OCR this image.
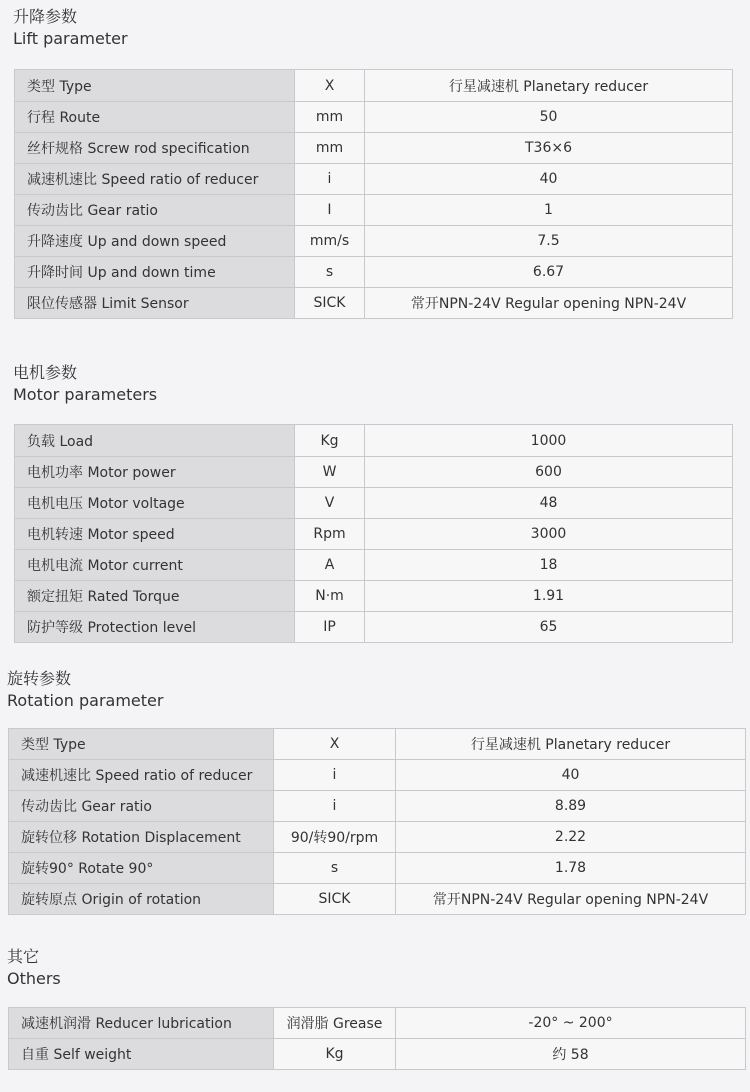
升降参数
Lift parameter
类型 Type	X	行星减速机 Planetary reducer
行程 Route	mm	50
丝杆规格 Screw rod specification	mm	T36×6
减速机速比 Speed ratio of reducer	i	40
传动齿比 Gear ratio	I	1
升降速度 Up and down speed	mm/s	7.5
升降时间 Up and down time	s	6.67
限位传感器 Limit Sensor	SICK	常开NPN-24V Regular opening NPN-24V
电机参数
Motor parameters
负载 Load	Kg	1000
电机功率 Motor power	W	600
电机电压 Motor voltage	V	48
电机转速 Motor speed	Rpm	3000
电机电流 Motor current	A	18
额定扭矩 Rated Torque	N·m	1.91
防护等级 Protection level	IP	65
旋转参数
Rotation parameter
类型 Type	X	行星减速机 Planetary reducer
减速机速比 Speed ratio of reducer	i	40
传动齿比 Gear ratio	i	8.89
旋转位移 Rotation Displacement	90/转90/rpm	2.22
旋转90° Rotate 90°	s	1.78
旋转原点 Origin of rotation	SICK	常开NPN-24V Regular opening NPN-24V
其它
Others
减速机润滑 Reducer lubrication	润滑脂 Grease	-20° ~ 200°
自重 Self weight	Kg	约 58
